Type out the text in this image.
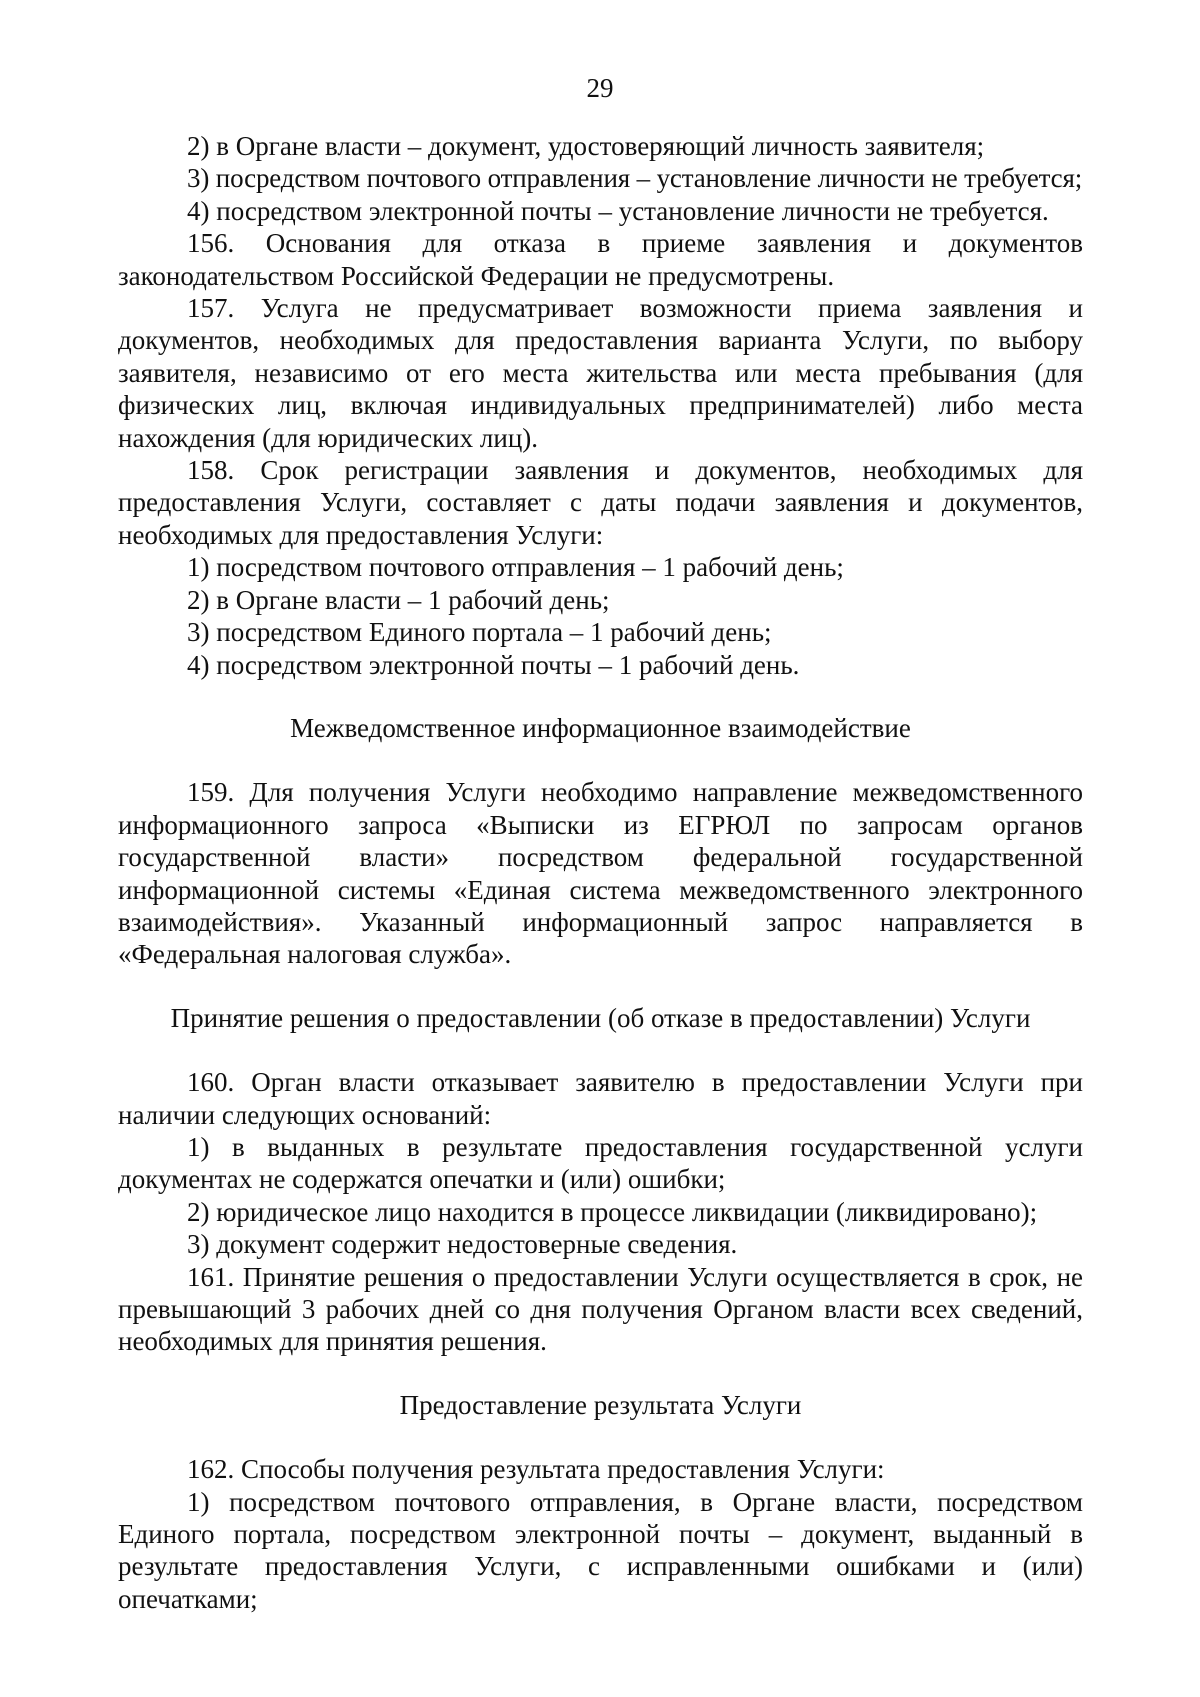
29

2) в Органе власти – документ, удостоверяющий личность заявителя;

3) посредством почтового отправления – установление личности не требуется;

4) посредством электронной почты – установление личности не требуется.

156. Основания для отказа в приеме заявления и документов законодательством Российской Федерации не предусмотрены.

157. Услуга не предусматривает возможности приема заявления и документов, необходимых для предоставления варианта Услуги, по выбору заявителя, независимо от его места жительства или места пребывания (для физических лиц, включая индивидуальных предпринимателей) либо места нахождения (для юридических лиц).

158. Срок регистрации заявления и документов, необходимых для предоставления Услуги, составляет с даты подачи заявления и документов, необходимых для предоставления Услуги:

1) посредством почтового отправления – 1 рабочий день;

2) в Органе власти – 1 рабочий день;

3) посредством Единого портала – 1 рабочий день;

4) посредством электронной почты – 1 рабочий день.

Межведомственное информационное взаимодействие

159. Для получения Услуги необходимо направление межведомственного информационного запроса «Выписки из ЕГРЮЛ по запросам органов государственной власти» посредством федеральной государственной информационной системы «Единая система межведомственного электронного взаимодействия». Указанный информационный запрос направляется в «Федеральная налоговая служба».

Принятие решения о предоставлении (об отказе в предоставлении) Услуги

160. Орган власти отказывает заявителю в предоставлении Услуги при наличии следующих оснований:

1) в выданных в результате предоставления государственной услуги документах не содержатся опечатки и (или) ошибки;

2) юридическое лицо находится в процессе ликвидации (ликвидировано);

3) документ содержит недостоверные сведения.

161. Принятие решения о предоставлении Услуги осуществляется в срок, не превышающий 3 рабочих дней со дня получения Органом власти всех сведений, необходимых для принятия решения.

Предоставление результата Услуги

162. Способы получения результата предоставления Услуги:

1) посредством почтового отправления, в Органе власти, посредством Единого портала, посредством электронной почты – документ, выданный в результате предоставления Услуги, с исправленными ошибками и (или) опечатками;
